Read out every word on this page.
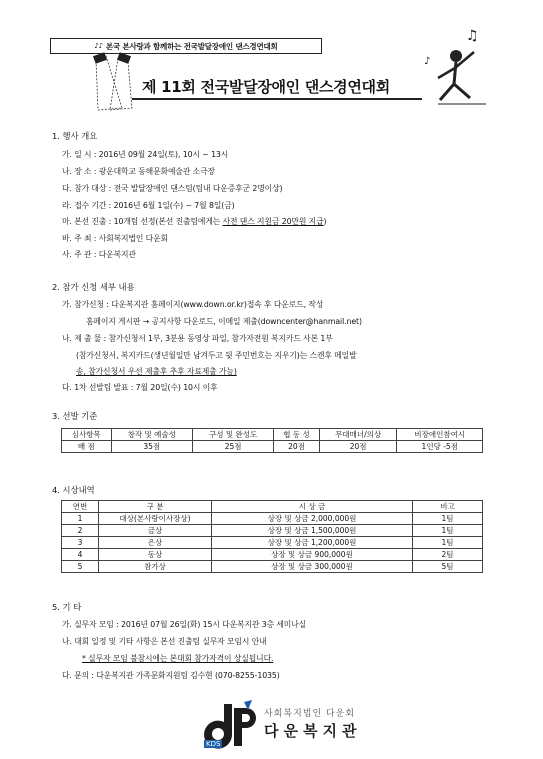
♪♪ 본국 본사랑과 함께하는 전국발달장애인 댄스경연대회
제 11회 전국발달장애인 댄스경연대회
♫
♪
1. 행사 개요
가. 일 시 : 2016년 09월 24일(토), 10시 ~ 13시
나. 장 소 : 광운대학교 동해문화예술관 소극장
다. 참가 대상 : 전국 발달장애인 댄스팀(팀내 다운증후군 2명이상)
라. 접수 기간 : 2016년 6월 1일(수) ~ 7월 8일(금)
마. 본선 진출 : 10개팀 선정(본선 진출팀에게는 사전 댄스 지원금 20만원 지급)
바. 주 최 : 사회복지법인 다운회
사. 주 관 : 다운복지관
2. 참가 신청 세부 내용
가. 참가신청 : 다운복지관 홈페이지(www.down.or.kr)접속 후 다운로드, 작성
홈페이지 게시판 → 공지사항 다운로드, 이메일 제출(downcenter@hanmail.net)
나. 제 출 물 : 참가신청서 1부, 3분용 동영상 파일, 참가자전원 복지카드 사본 1부
(참가신청서, 복지카드(생년월일만 남겨두고 뒷 주민번호는 지우기)는 스캔후 메일발
송, 참가신청서 우선 제출후 추후 자료제출 가능)
다. 1차 선발팀 발표 : 7월 20일(수) 10시 이후
3. 선발 기준
심사항목	창작 및 예술성	구성 및 완성도	협 동 성	무대매너/의상	비장애인참여시
배 점	35점	25점	20점	20점	1인당 -5점
4. 시상내역
연번	구 분	시 상 금	비고
1	대상(본사랑이사장상)	상장 및 상금 2,000,000원	1팀
2	금상	상장 및 상금 1,500,000원	1팀
3	은상	상장 및 상금 1,200,000원	1팀
4	동상	상장 및 상금 900,000원	2팀
5	참가상	상장 및 상금 300,000원	5팀
5. 기 타
가. 실무자 모임 : 2016년 07월 26일(화) 15시 다운복지관 3층 세미나실
나. 대회 일정 및 기타 사항은 본선 진출팀 실무자 모임시 안내
* 실무자 모임 불참시에는 본대회 참가자격이 상실됩니다.
다. 문의 : 다운복지관 가족문화지원팀 김수현 (070-8255-1035)
KDS
사회복지법인 다운회
다운복지관
